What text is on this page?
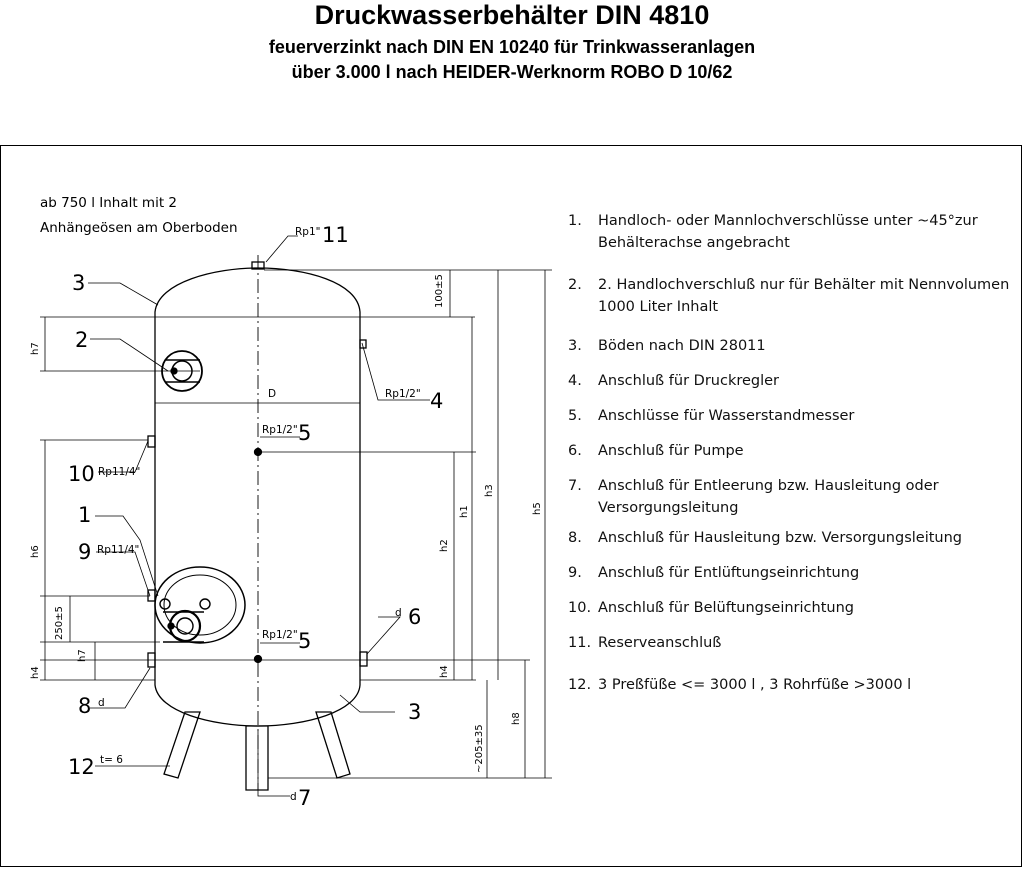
Druckwasserbehälter DIN 4810
feuerverzinkt nach DIN EN 10240 für Trinkwasseranlagen
über 3.000 l nach HEIDER-Werknorm ROBO D 10/62
ab 750 l Inhalt mit 2
Anhängeösen am Oberboden	Rp1"
Rp1/2"
Rp1/2"
Rp1/2"
Rp11/4"
Rp11/4"
d
d
d
t= 6
D
100±5
250±5
~205±35
h7
h6
h4
h7
h1
h2
h4
h3
h5
h8
3
2
11
4
5
10
1
9
6
5
8	3
12
7
1. Handloch- oder Mannlochverschlüsse unter ~45°zur Behälterachse angebracht
2. 2. Handlochverschluß nur für Behälter mit Nennvolumen 1000 Liter Inhalt
3. Böden nach DIN 28011
4. Anschluß für Druckregler
5. Anschlüsse für Wasserstandmesser
6. Anschluß für Pumpe
7. Anschluß für Entleerung bzw. Hausleitung oder Versorgungsleitung
8. Anschluß für Hausleitung bzw. Versorgungsleitung
9. Anschluß für Entlüftungseinrichtung
10. Anschluß für Belüftungseinrichtung
11. Reserveanschluß
12. 3 Preßfüße <= 3000 l , 3 Rohrfüße >3000 l
